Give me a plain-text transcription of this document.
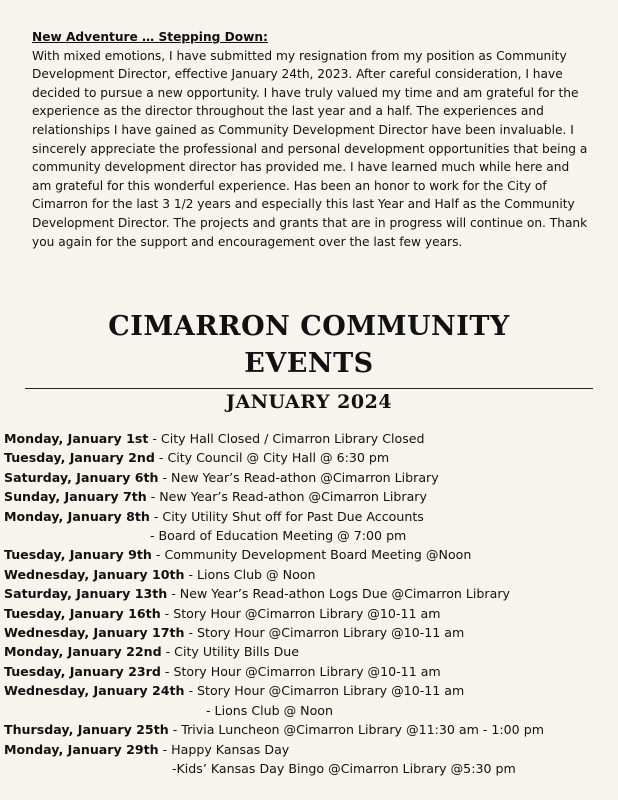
New Adventure … Stepping Down:
With mixed emotions, I have submitted my resignation from my position as Community Development Director, effective January 24th, 2023. After careful consideration, I have decided to pursue a new opportunity. I have truly valued my time and am grateful for the experience as the director throughout the last year and a half. The experiences and relationships I have gained as Community Development Director have been invaluable. I sincerely appreciate the professional and personal development opportunities that being a community development director has provided me. I have learned much while here and am grateful for this wonderful experience. Has been an honor to work for the City of Cimarron for the last 3 1/2 years and especially this last Year and Half as the Community Development Director. The projects and grants that are in progress will continue on. Thank you again for the support and encouragement over the last few years.
CIMARRON COMMUNITY
EVENTS
JANUARY 2024
Monday, January 1st - City Hall Closed / Cimarron Library Closed
Tuesday, January 2nd - City Council @ City Hall @ 6:30 pm
Saturday, January 6th - New Year’s Read-athon @Cimarron Library
Sunday, January 7th - New Year’s Read-athon @Cimarron Library
Monday, January 8th - City Utility Shut off for Past Due Accounts
- Board of Education Meeting @ 7:00 pm
Tuesday, January 9th - Community Development Board Meeting @Noon
Wednesday, January 10th - Lions Club @ Noon
Saturday, January 13th - New Year’s Read-athon Logs Due @Cimarron Library
Tuesday, January 16th - Story Hour @Cimarron Library @10-11 am
Wednesday, January 17th - Story Hour @Cimarron Library @10-11 am
Monday, January 22nd - City Utility Bills Due
Tuesday, January 23rd - Story Hour @Cimarron Library @10-11 am
Wednesday, January 24th - Story Hour @Cimarron Library @10-11 am
- Lions Club @ Noon
Thursday, January 25th - Trivia Luncheon @Cimarron Library @11:30 am - 1:00 pm
Monday, January 29th - Happy Kansas Day
-Kids’ Kansas Day Bingo @Cimarron Library @5:30 pm
